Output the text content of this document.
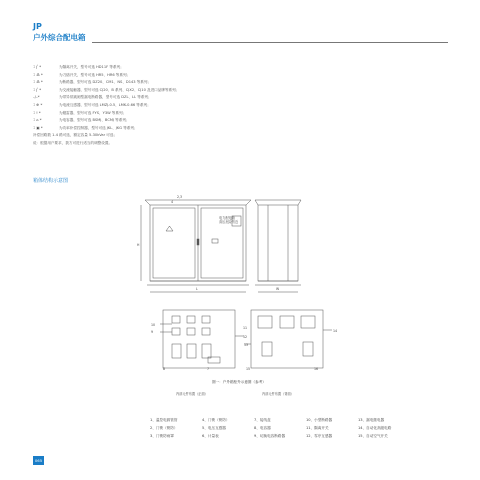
JP
户外综合配电箱
⌶ ⎛ *	为隔离开关，型号可选 HD11F 等系列；
⌶ ⁂ *	为刀熔开关，型号可选 HR5、HR6 等系列；
⌶ ⁂ *	为断路器，型号可选 DZ20、CM1、NS、D143 等系列；
⌶ ⎛ *	为交流接触器，型号可选 CJ20、B 系列、CJX2、CJ10 及进口品牌等系列；
–/–*	为带异常跳闸型漏电断路器，型号可选 DZL、LL 等系列；
⌶ ⊕ *	为电流互感器，型号可选 LMZJ-0.5、LMK-0.66 等系列；
⌶ ! *	为避雷器，型号可选 FYS、Y3W 等系列；
⌶ ⌂ *	为电容器，型号可选 BSMJ、BCMJ 等系列；
⌶ ▣ *	为功率补偿控制器，型号可选 JKL、JKG 等系列；
补偿回路数 1-4 路可选，额定容量 5-30kVar 可选；
说：根据用户要求，我方可进行适当的调整设置。
箱体结构示意图
4
2,3
H
L
电力配电箱
高压危险勿近
W
10
9
8
11
12
13
14
15	16
7
图一：户外箱柜外示意图（参考）
内部元件布置（正面）	内部元件布置（背面）
1、温控电源管管	4、门锁（锁防）	7、接线盒	10、小型断路器	13、漏电继电器
2、门锁（锁防）	5、电压互感器	8、电容器	11、隔离开关	14、自动化高级电路
3、门锁防雨罩	6、计量表	9、切换电容断路器	12、零序互感器	15、自动空气开关
065
